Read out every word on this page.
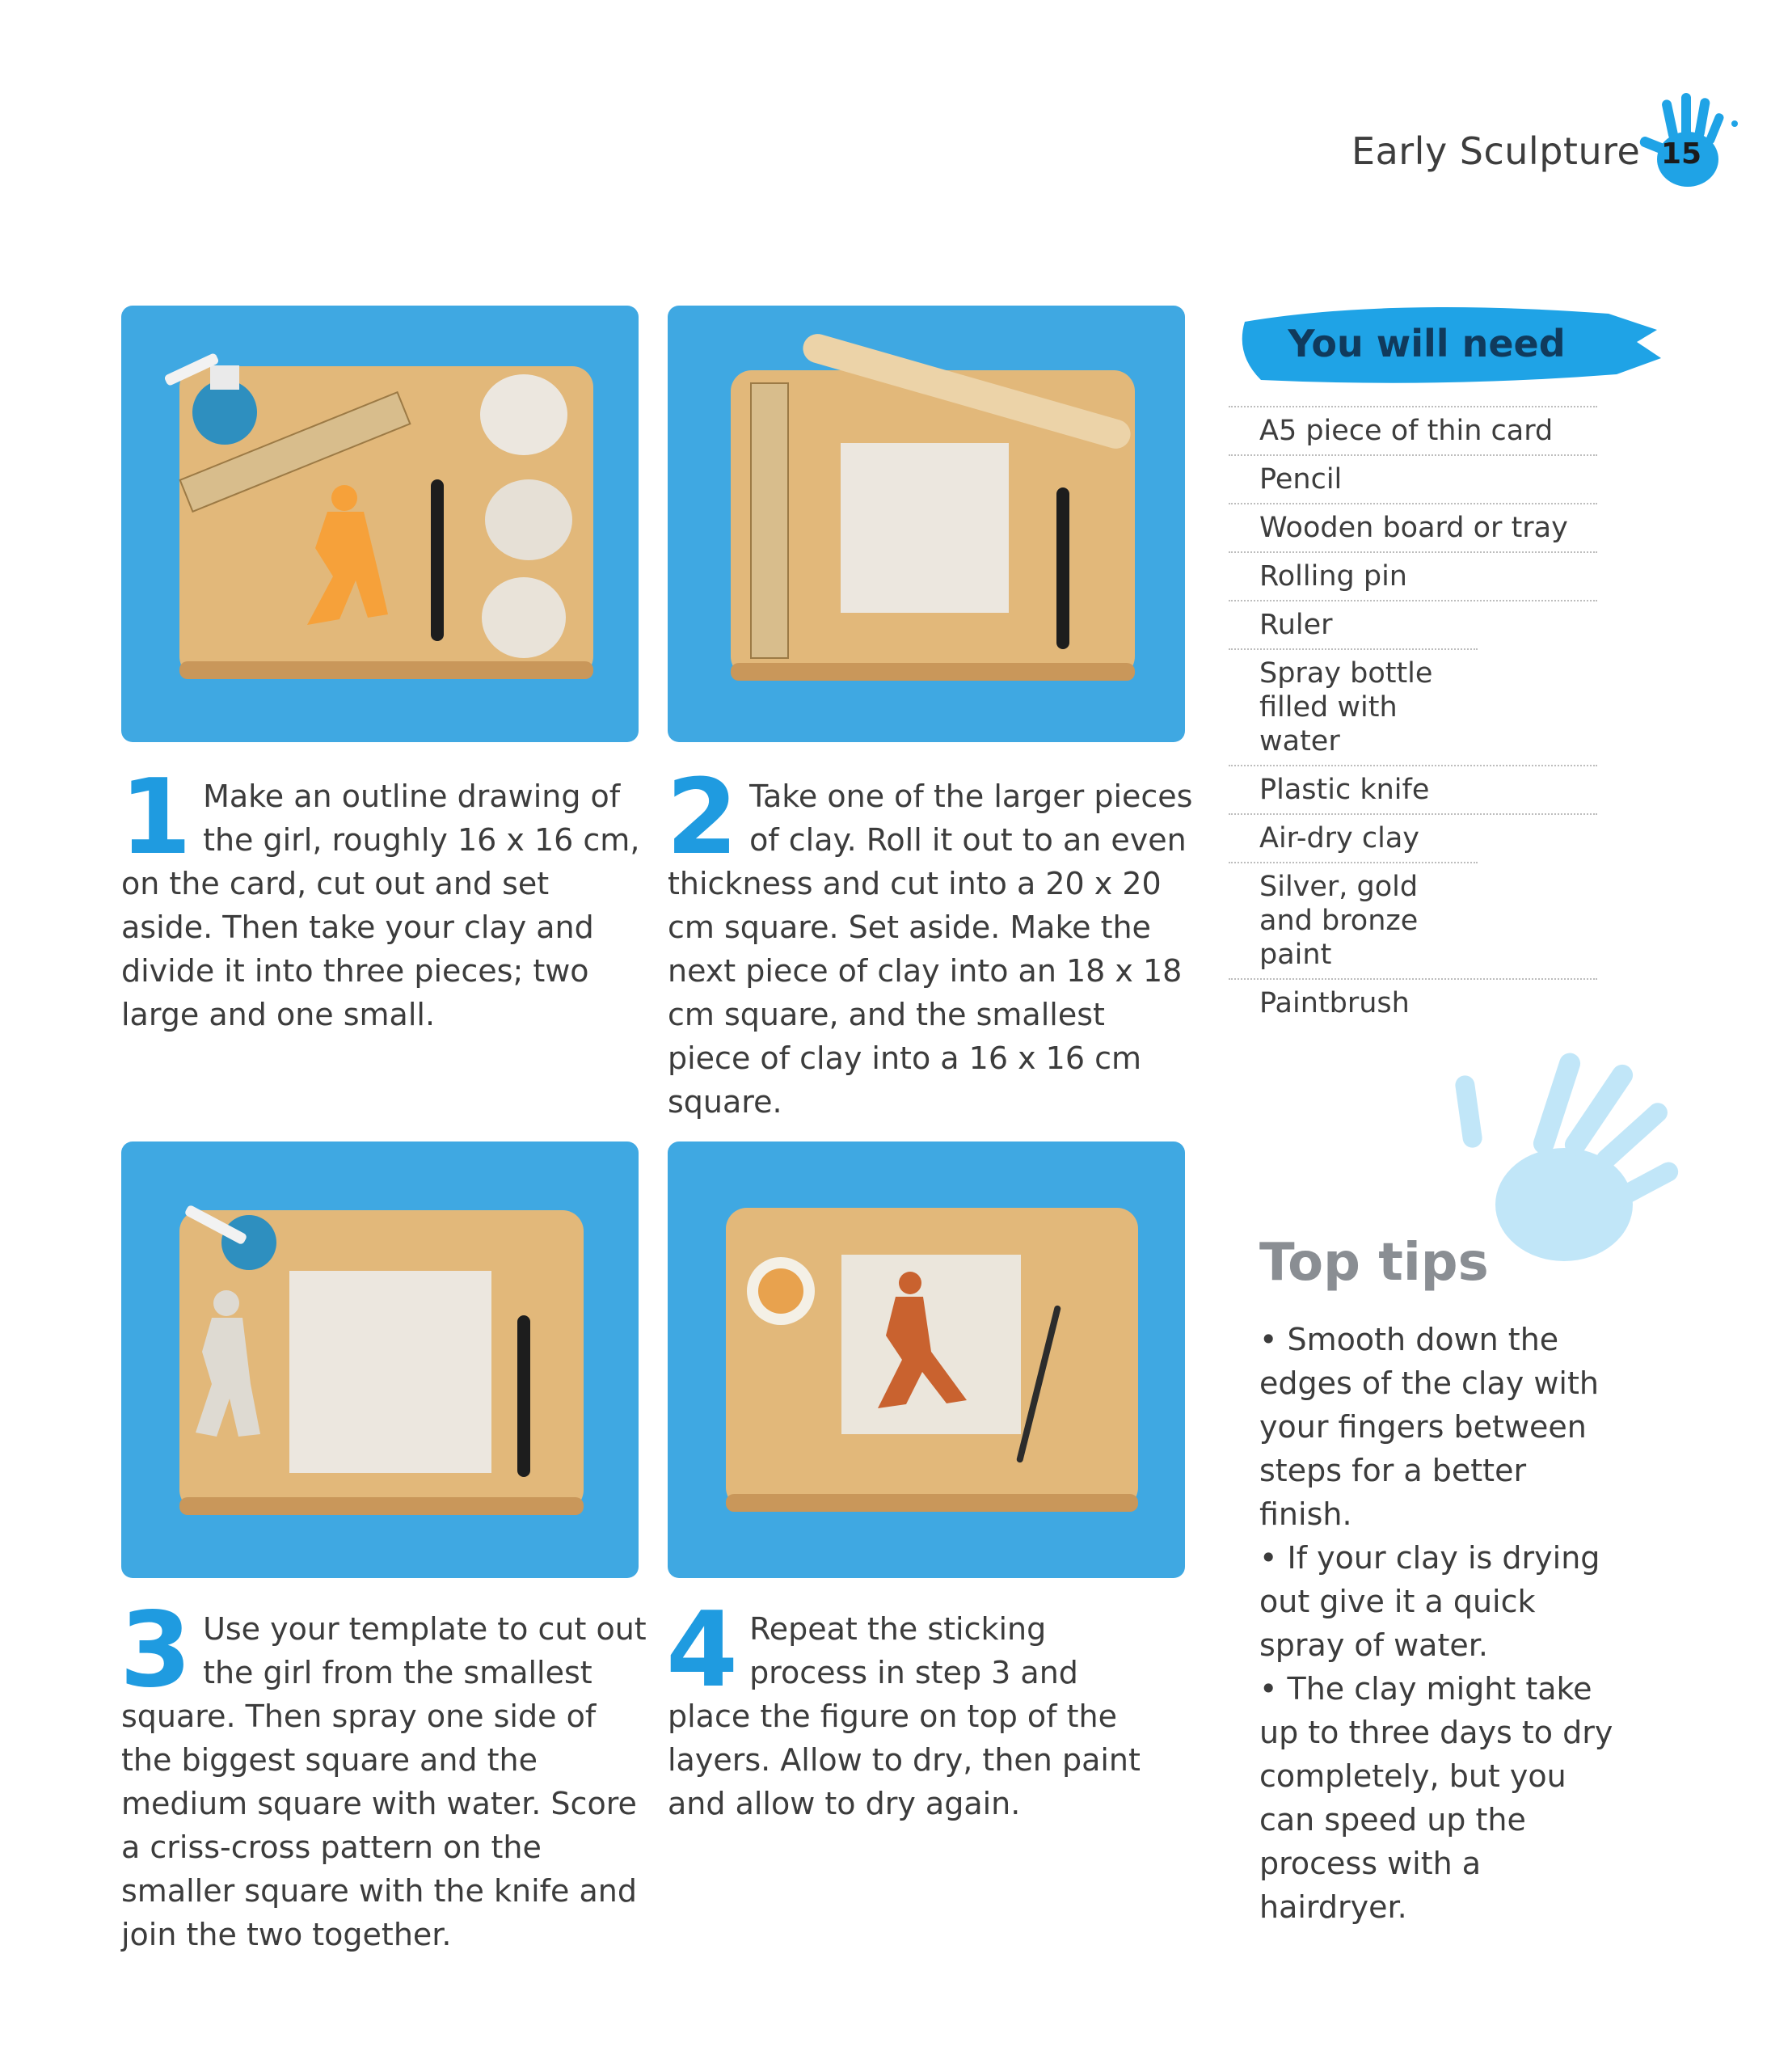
Early Sculpture 15
1 Make an outline drawing of the girl, roughly 16 x 16 cm, on the card, cut out and set aside. Then take your clay and divide it into three pieces; two large and one small.
2 Take one of the larger pieces of clay. Roll it out to an even thickness and cut into a 20 x 20 cm square. Set aside. Make the next piece of clay into an 18 x 18 cm square, and the smallest piece of clay into a 16 x 16 cm square.
3 Use your template to cut out the girl from the smallest square. Then spray one side of the biggest square and the medium square with water. Score a criss-cross pattern on the smaller square with the knife and join the two together.
4 Repeat the sticking process in step 3 and place the figure on top of the layers. Allow to dry, then paint and allow to dry again.
You will need
A5 piece of thin card
Pencil
Wooden board or tray
Rolling pin
Ruler
Spray bottle filled with water
Plastic knife
Air-dry clay
Silver, gold and bronze paint
Paintbrush
Top tips
• Smooth down the edges of the clay with your fingers between steps for a better finish.
• If your clay is drying out give it a quick spray of water.
• The clay might take up to three days to dry completely, but you can speed up the process with a hairdryer.
